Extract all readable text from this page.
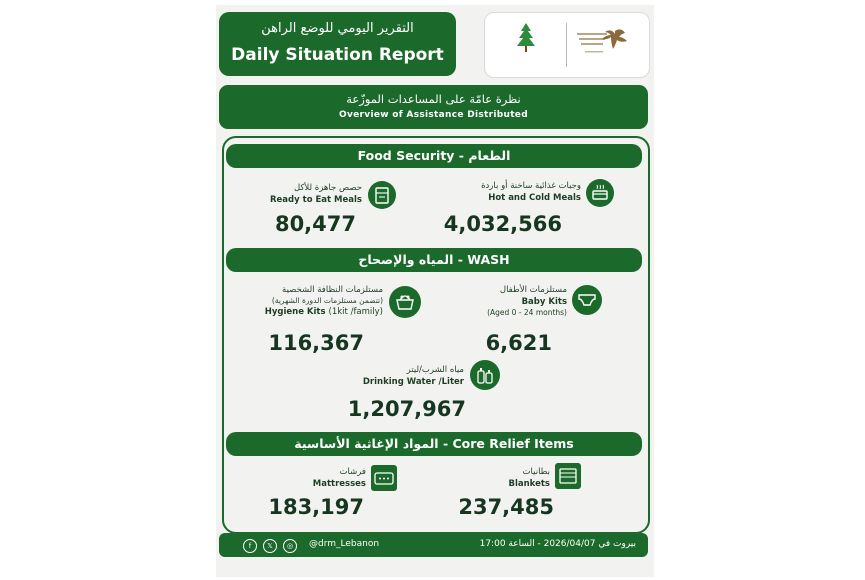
التقرير اليومي للوضع الراهن
Daily Situation Report
نظرة عامّة على المساعدات الموزّعة
Overview of Assistance Distributed
Food Security - الطعام
وجبات غذائية ساخنة أو باردة
Hot and Cold Meals
4,032,566
حصص جاهزة للأكل
Ready to Eat Meals
80,477
المياه والإصحاح - WASH
مستلزمات الأطفال
Baby Kits
(Aged 0 - 24 months)
6,621
مستلزمات النظافة الشخصية
(تتضمن مستلزمات الدورة الشهرية)
Hygiene Kits (1kit /family)
116,367
مياه الشرب/ليتر
Drinking Water /Liter
1,207,967
المواد الإغاثية الأساسية - Core Relief Items
بطانيات
Blankets
237,485
فرشات
Mattresses
183,197
f	𝕏	◎	@drm_Lebanon	بيروت في 2026/04/07 - الساعة 17:00
